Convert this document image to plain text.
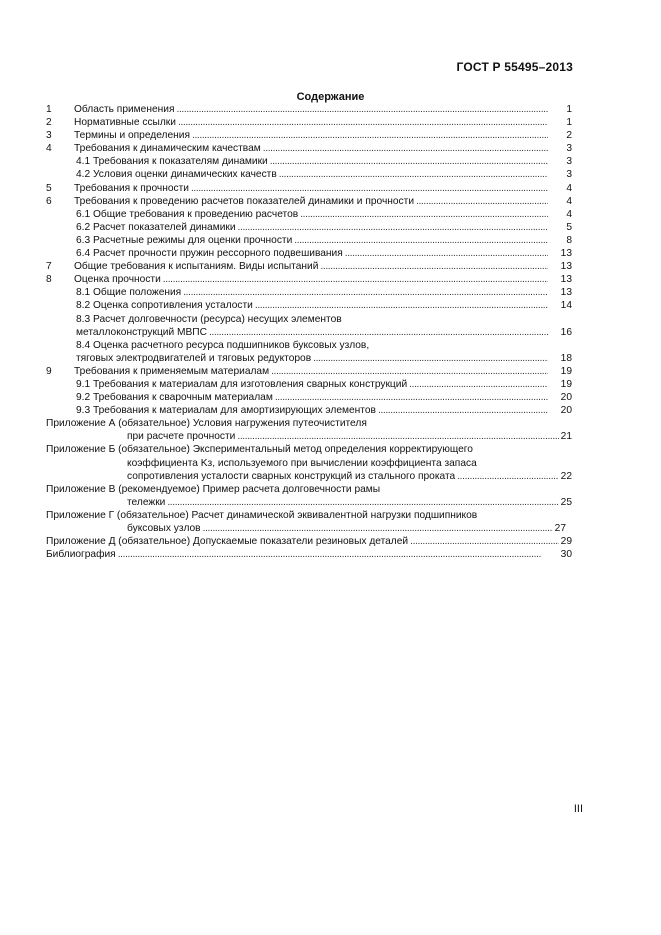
ГОСТ Р 55495–2013
Содержание
1 Область применения . . .	1
2 Нормативные ссылки . . .	1
3 Термины и определения . . .	2
4 Требования к динамическим качествам . . .	3
4.1 Требования к показателям динамики . . .	3
4.2 Условия оценки динамических качеств . . .	3
5 Требования к прочности . . .	4
6 Требования к проведению расчетов показателей динамики и прочности . . .	4
6.1 Общие требования к проведению расчетов . . .	4
6.2 Расчет показателей динамики . . .	5
6.3 Расчетные режимы для оценки прочности . . .	8
6.4 Расчет прочности пружин рессорного подвешивания . . .	13
7 Общие требования к испытаниям. Виды испытаний . . .	13
8 Оценка прочности . . .	13
8.1 Общие положения . . .	13
8.2 Оценка сопротивления усталости . . .	14
8.3 Расчет долговечности (ресурса) несущих элементов
металлоконструкций МВПС . . .	16
8.4 Оценка расчетного ресурса подшипников буксовых узлов,
тяговых электродвигателей и тяговых редукторов . . .	18
9 Требования к применяемым материалам . . .	19
9.1 Требования к материалам для изготовления сварных конструкций . . .	19
9.2 Требования к сварочным материалам . . .	20
9.3 Требования к материалам для амортизирующих элементов . . .	20
Приложение А (обязательное) Условия нагружения путеочистителя
при расчете прочности . . .	21
Приложение Б (обязательное) Экспериментальный метод определения корректирующего
коэффициента Kз, используемого при вычислении коэффициента запаса
сопротивления усталости сварных конструкций из стального проката . . .	22
Приложение В (рекомендуемое) Пример расчета долговечности рамы
тележки . . .	25
Приложение Г (обязательное) Расчет динамической эквивалентной нагрузки подшипников
буксовых узлов . . .	27
Приложение Д (обязательное) Допускаемые показатели резиновых деталей . . .	29
Библиография . . .	30
III
